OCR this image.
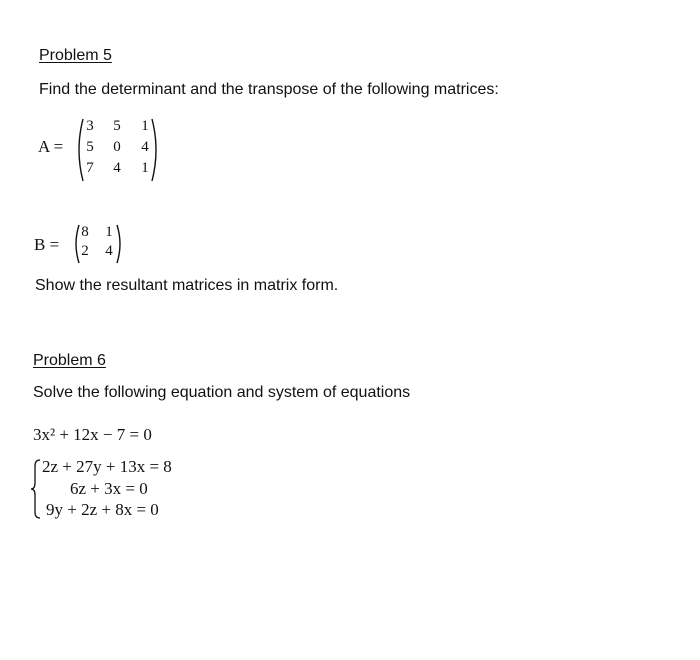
Problem 5
Find the determinant and the transpose of the following matrices:
A =
3 5 1
5 0 4
7 4 1
B =
8 1
2 4
Show the resultant matrices in matrix form.
Problem 6
Solve the following equation and system of equations
3x² + 12x − 7 = 0
2z + 27y + 13x = 8
6z + 3x = 0
9y + 2z + 8x = 0
